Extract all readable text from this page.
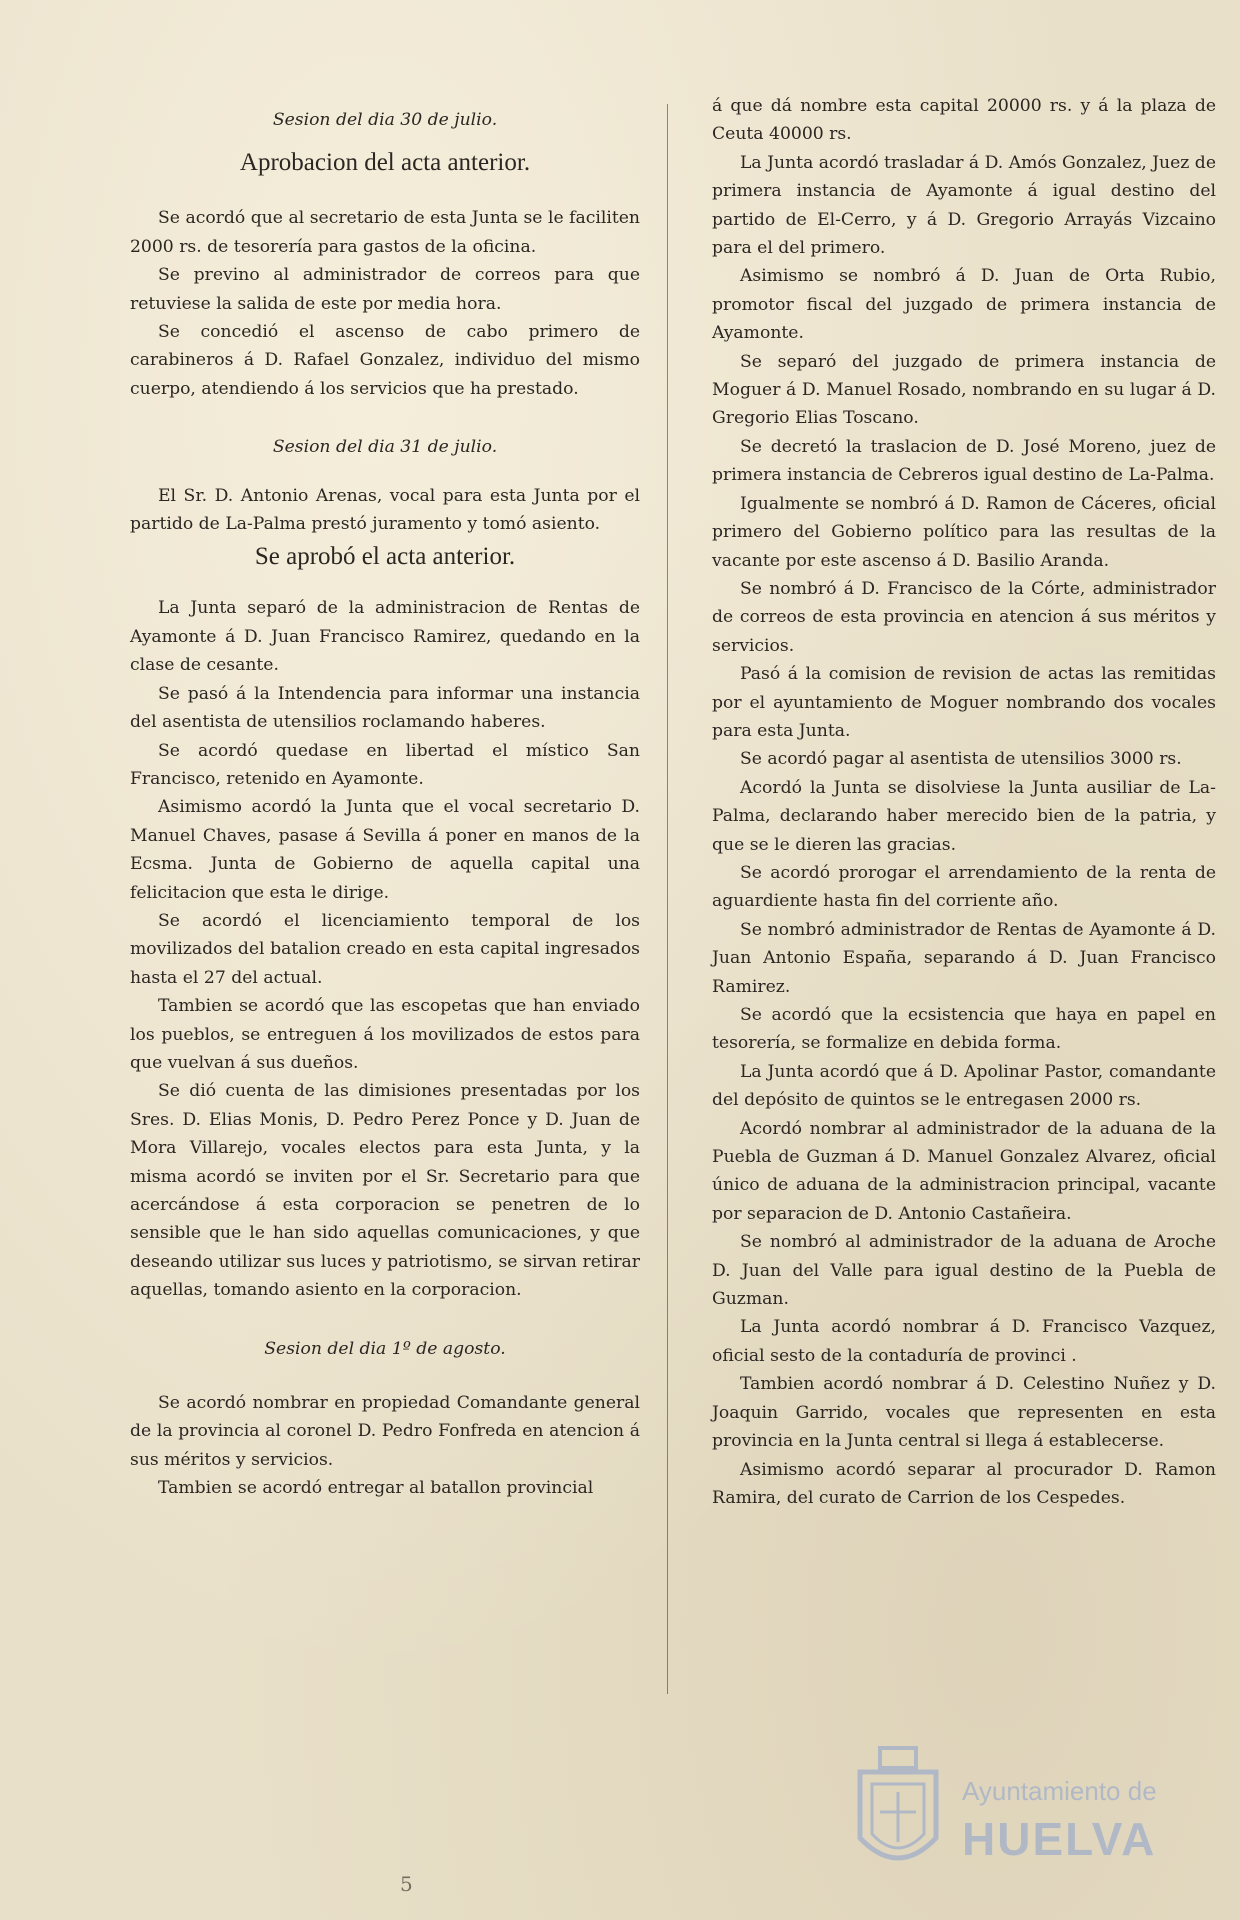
Sesion del dia 30 de julio.
Aprobacion del acta anterior.

Se acordó que al secretario de esta Junta se le faciliten 2000 rs. de tesorería para gastos de la oficina.

Se previno al administrador de correos para que retuviese la salida de este por media hora.

Se concedió el ascenso de cabo primero de carabineros á D. Rafael Gonzalez, individuo del mismo cuerpo, atendiendo á los servicios que ha prestado.

Sesion del dia 31 de julio.

El Sr. D. Antonio Arenas, vocal para esta Junta por el partido de La-Palma prestó juramento y tomó asiento.

Se aprobó el acta anterior.

La Junta separó de la administracion de Rentas de Ayamonte á D. Juan Francisco Ramirez, quedando en la clase de cesante.

Se pasó á la Intendencia para informar una instancia del asentista de utensilios roclamando haberes.

Se acordó quedase en libertad el místico San Francisco, retenido en Ayamonte.

Asimismo acordó la Junta que el vocal secretario D. Manuel Chaves, pasase á Sevilla á poner en manos de la Ecsma. Junta de Gobierno de aquella capital una felicitacion que esta le dirige.

Se acordó el licenciamiento temporal de los movilizados del batalion creado en esta capital ingresados hasta el 27 del actual.

Tambien se acordó que las escopetas que han enviado los pueblos, se entreguen á los movilizados de estos para que vuelvan á sus dueños.

Se dió cuenta de las dimisiones presentadas por los Sres. D. Elias Monis, D. Pedro Perez Ponce y D. Juan de Mora Villarejo, vocales electos para esta Junta, y la misma acordó se inviten por el Sr. Secretario para que acercándose á esta corporacion se penetren de lo sensible que le han sido aquellas comunicaciones, y que deseando utilizar sus luces y patriotismo, se sirvan retirar aquellas, tomando asiento en la corporacion.

Sesion del dia 1º de agosto.

Se acordó nombrar en propiedad Comandante general de la provincia al coronel D. Pedro Fonfreda en atencion á sus méritos y servicios.

Tambien se acordó entregar al batallon provincial

á que dá nombre esta capital 20000 rs. y á la plaza de Ceuta 40000 rs.

La Junta acordó trasladar á D. Amós Gonzalez, Juez de primera instancia de Ayamonte á igual destino del partido de El-Cerro, y á D. Gregorio Arrayás Vizcaino para el del primero.

Asimismo se nombró á D. Juan de Orta Rubio, promotor fiscal del juzgado de primera instancia de Ayamonte.

Se separó del juzgado de primera instancia de Moguer á D. Manuel Rosado, nombrando en su lugar á D. Gregorio Elias Toscano.

Se decretó la traslacion de D. José Moreno, juez de primera instancia de Cebreros igual destino de La-Palma.

Igualmente se nombró á D. Ramon de Cáceres, oficial primero del Gobierno político para las resultas de la vacante por este ascenso á D. Basilio Aranda.

Se nombró á D. Francisco de la Córte, administrador de correos de esta provincia en atencion á sus méritos y servicios.

Pasó á la comision de revision de actas las remitidas por el ayuntamiento de Moguer nombrando dos vocales para esta Junta.

Se acordó pagar al asentista de utensilios 3000 rs.

Acordó la Junta se disolviese la Junta ausiliar de La-Palma, declarando haber merecido bien de la patria, y que se le dieren las gracias.

Se acordó prorogar el arrendamiento de la renta de aguardiente hasta fin del corriente año.

Se nombró administrador de Rentas de Ayamonte á D. Juan Antonio España, separando á D. Juan Francisco Ramirez.

Se acordó que la ecsistencia que haya en papel en tesorería, se formalize en debida forma.

La Junta acordó que á D. Apolinar Pastor, comandante del depósito de quintos se le entregasen 2000 rs.

Acordó nombrar al administrador de la aduana de la Puebla de Guzman á D. Manuel Gonzalez Alvarez, oficial único de aduana de la administracion principal, vacante por separacion de D. Antonio Castañeira.

Se nombró al administrador de la aduana de Aroche D. Juan del Valle para igual destino de la Puebla de Guzman.

La Junta acordó nombrar á D. Francisco Vazquez, oficial sesto de la contaduría de provinci .

Tambien acordó nombrar á D. Celestino Nuñez y D. Joaquin Garrido, vocales que representen en esta provincia en la Junta central si llega á establecerse.

Asimismo acordó separar al procurador D. Ramon Ramira, del curato de Carrion de los Cespedes.

5
Ayuntamiento de
HUELVA
